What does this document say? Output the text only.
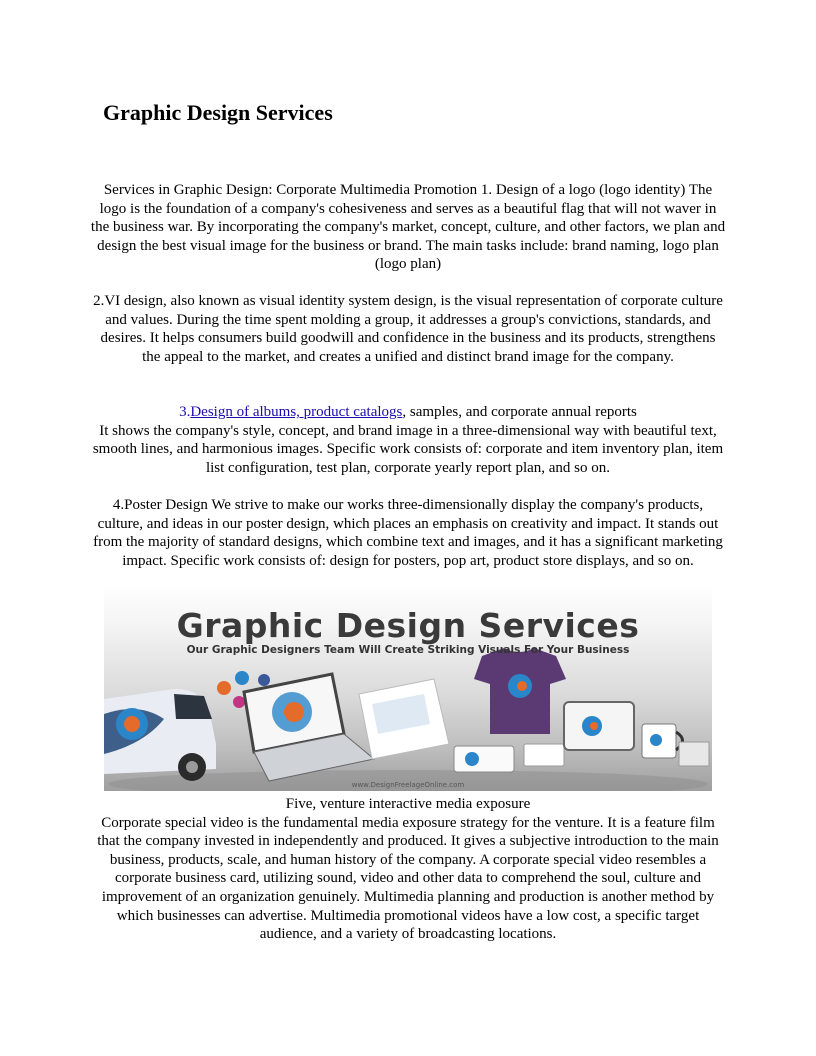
Graphic Design Services

Services in Graphic Design: Corporate Multimedia Promotion 1. Design of a logo (logo identity) The logo is the foundation of a company's cohesiveness and serves as a beautiful flag that will not waver in the business war. By incorporating the company's market, concept, culture, and other factors, we plan and design the best visual image for the business or brand. The main tasks include: brand naming, logo plan (logo plan)

2.VI design, also known as visual identity system design, is the visual representation of corporate culture and values. During the time spent molding a group, it addresses a group's convictions, standards, and desires. It helps consumers build goodwill and confidence in the business and its products, strengthens the appeal to the market, and creates a unified and distinct brand image for the company.

3.Design of albums, product catalogs, samples, and corporate annual reports
It shows the company's style, concept, and brand image in a three-dimensional way with beautiful text, smooth lines, and harmonious images. Specific work consists of: corporate and item inventory plan, item list configuration, test plan, corporate yearly report plan, and so on.

4.Poster Design We strive to make our works three-dimensionally display the company's products, culture, and ideas in our poster design, which places an emphasis on creativity and impact. It stands out from the majority of standard designs, which combine text and images, and it has a significant marketing impact. Specific work consists of: design for posters, pop art, product store displays, and so on.

Graphic Design Services
Our Graphic Designers Team Will Create Striking Visuals For Your Business
www.DesignFreelageOnline.com

Five, venture interactive media exposure
Corporate special video is the fundamental media exposure strategy for the venture. It is a feature film that the company invested in independently and produced. It gives a subjective introduction to the main business, products, scale, and human history of the company. A corporate special video resembles a corporate business card, utilizing sound, video and other data to comprehend the soul, culture and improvement of an organization genuinely. Multimedia planning and production is another method by which businesses can advertise. Multimedia promotional videos have a low cost, a specific target audience, and a variety of broadcasting locations.
